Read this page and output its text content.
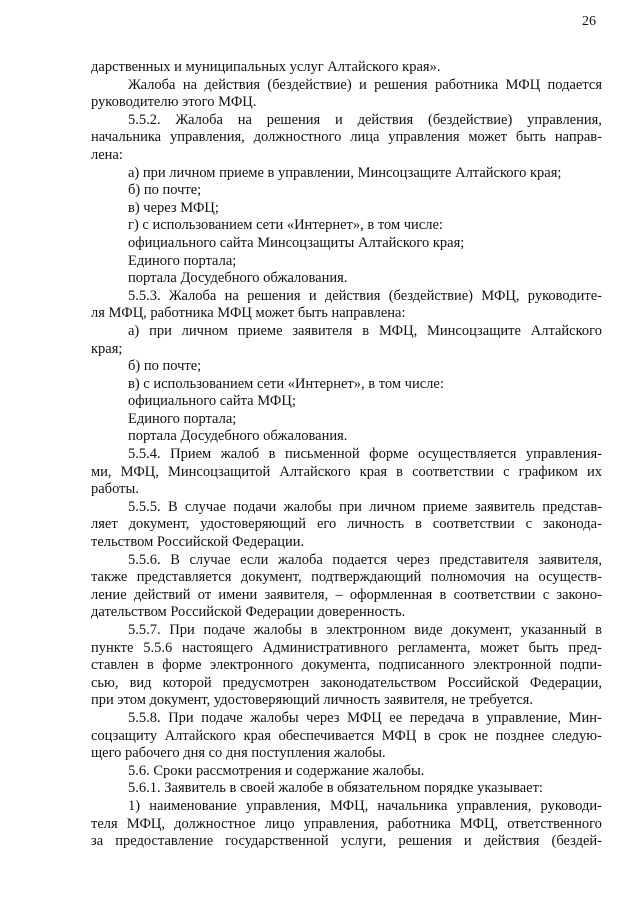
26
дарственных и муниципальных услуг Алтайского края».
Жалоба на действия (бездействие) и решения работника МФЦ подается
руководителю этого МФЦ.
5.5.2. Жалоба на решения и действия (бездействие) управления,
начальника управления, должностного лица управления может быть направ-
лена:
а) при личном приеме в управлении, Минсоцзащите Алтайского края;
б) по почте;
в) через МФЦ;
г) с использованием сети «Интернет», в том числе:
официального сайта Минсоцзащиты Алтайского края;
Единого портала;
портала Досудебного обжалования.
5.5.3. Жалоба на решения и действия (бездействие) МФЦ, руководите-
ля МФЦ, работника МФЦ может быть направлена:
а) при личном приеме заявителя в МФЦ, Минсоцзащите Алтайского
края;
б) по почте;
в) с использованием сети «Интернет», в том числе:
официального сайта МФЦ;
Единого портала;
портала Досудебного обжалования.
5.5.4. Прием жалоб в письменной форме осуществляется управления-
ми, МФЦ, Минсоцзащитой Алтайского края в соответствии с графиком их
работы.
5.5.5. В случае подачи жалобы при личном приеме заявитель представ-
ляет документ, удостоверяющий его личность в соответствии с законода-
тельством Российской Федерации.
5.5.6. В случае если жалоба подается через представителя заявителя,
также представляется документ, подтверждающий полномочия на осуществ-
ление действий от имени заявителя, – оформленная в соответствии с законо-
дательством Российской Федерации доверенность.
5.5.7. При подаче жалобы в электронном виде документ, указанный в
пункте 5.5.6 настоящего Административного регламента, может быть пред-
ставлен в форме электронного документа, подписанного электронной подпи-
сью, вид которой предусмотрен законодательством Российской Федерации,
при этом документ, удостоверяющий личность заявителя, не требуется.
5.5.8. При подаче жалобы через МФЦ ее передача в управление, Мин-
соцзащиту Алтайского края обеспечивается МФЦ в срок не позднее следую-
щего рабочего дня со дня поступления жалобы.
5.6. Сроки рассмотрения и содержание жалобы.
5.6.1. Заявитель в своей жалобе в обязательном порядке указывает:
1) наименование управления, МФЦ, начальника управления, руководи-
теля МФЦ, должностное лицо управления, работника МФЦ, ответственного
за предоставление государственной услуги, решения и действия (бездей-
